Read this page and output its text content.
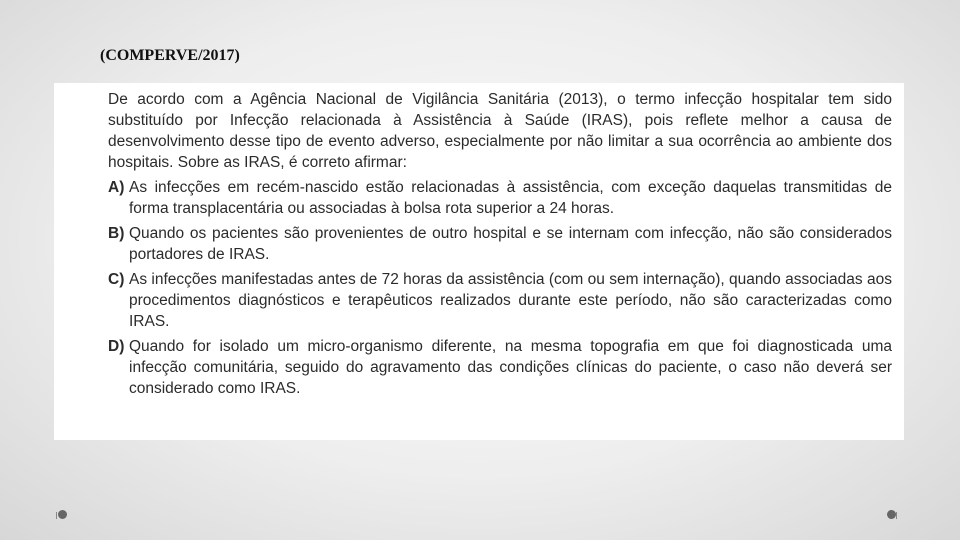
(COMPERVE/2017)

De acordo com a Agência Nacional de Vigilância Sanitária (2013), o termo infecção hospitalar tem sido substituído por Infecção relacionada à Assistência à Saúde (IRAS), pois reflete melhor a causa de desenvolvimento desse tipo de evento adverso, especialmente por não limitar a sua ocorrência ao ambiente dos hospitais. Sobre as IRAS, é correto afirmar:

A) As infecções em recém-nascido estão relacionadas à assistência, com exceção daquelas transmitidas de forma transplacentária ou associadas à bolsa rota superior a 24 horas.

B) Quando os pacientes são provenientes de outro hospital e se internam com infecção, não são considerados portadores de IRAS.

C) As infecções manifestadas antes de 72 horas da assistência (com ou sem internação), quando associadas aos procedimentos diagnósticos e terapêuticos realizados durante este período, não são caracterizadas como IRAS.

D) Quando for isolado um micro-organismo diferente, na mesma topografia em que foi diagnosticada uma infecção comunitária, seguido do agravamento das condições clínicas do paciente, o caso não deverá ser considerado como IRAS.
